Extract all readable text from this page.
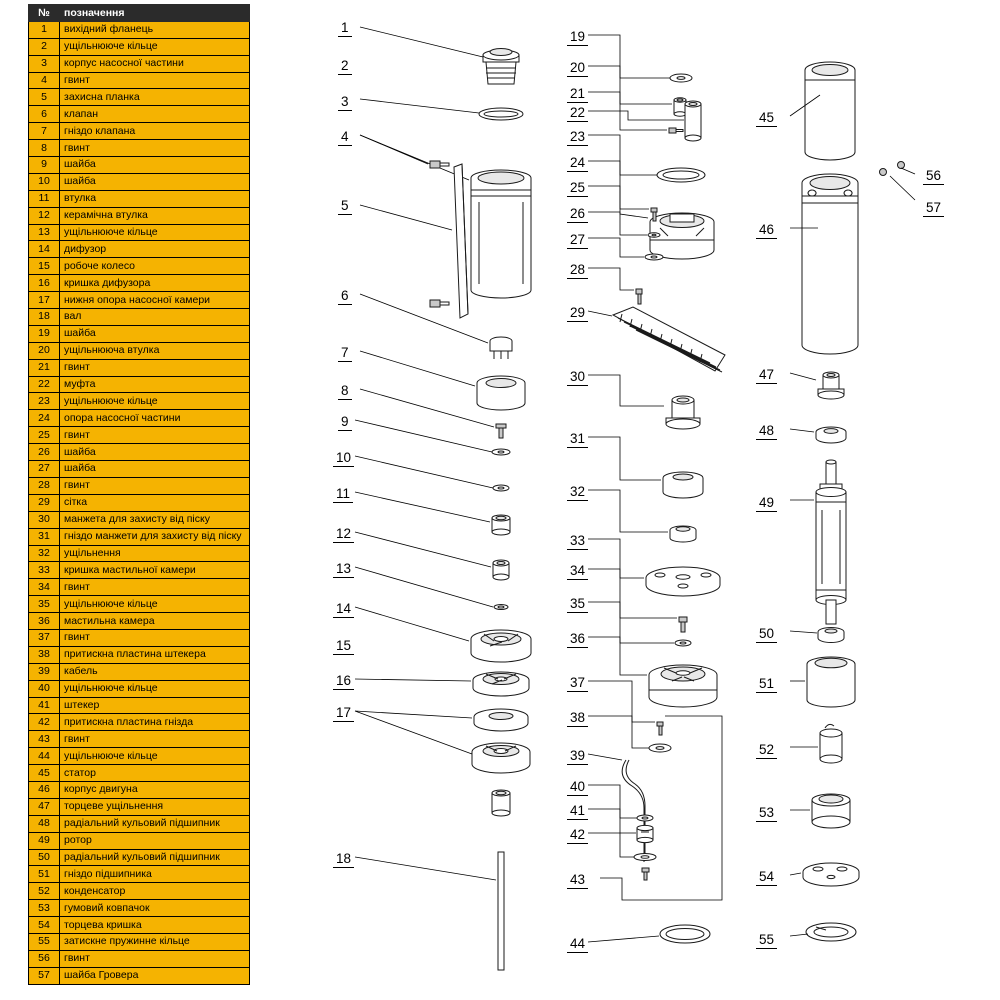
№	позначення
1	вихідний фланець
2	ущільнююче кільце
3	корпус насосної частини
4	гвинт
5	захисна планка
6	клапан
7	гніздо клапана
8	гвинт
9	шайба
10	шайба
11	втулка
12	керамічна втулка
13	ущільнююче кільце
14	дифузор
15	робоче колесо
16	кришка дифузора
17	нижня опора насосної камери
18	вал
19	шайба
20	ущільнююча втулка
21	гвинт
22	муфта
23	ущільнююче кільце
24	опора насосної частини
25	гвинт
26	шайба
27	шайба
28	гвинт
29	сітка
30	манжета для захисту від піску
31	гніздо манжети для захисту від піску
32	ущільнення
33	кришка мастильної камери
34	гвинт
35	ущільнююче кільце
36	мастильна камера
37	гвинт
38	притискна пластина штекера
39	кабель
40	ущільнююче кільце
41	штекер
42	притискна пластина гнізда
43	гвинт
44	ущільнююче кільце
45	статор
46	корпус двигуна
47	торцеве ущільнення
48	радіальний кульовий підшипник
49	ротор
50	радіальний кульовий підшипник
51	гніздо підшипника
52	конденсатор
53	гумовий ковпачок
54	торцева кришка
55	затискне пружинне кільце
56	гвинт
57	шайба Гровера
1
2
3
4
5
6
7
8
9
10
11
12
13
14
15
16
17
18
19
20
21
22
23
24
25
26
27
28
29
30
31
32
33
34
35
36
37
38
39
40
41
42
43
44
45
46
47
48
49
50
51
52
53
54
55
56
57
